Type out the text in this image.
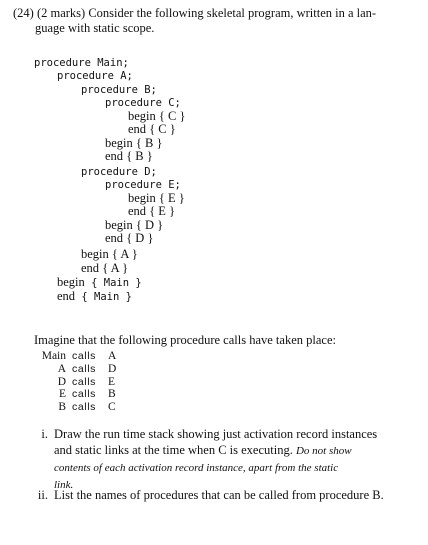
(24) (2 marks) Consider the following skeletal program, written in a lan-
guage with static scope.
procedure Main;
procedure A;
procedure B;
procedure C;
begin { C }
end { C }
begin { B }
end { B }
procedure D;
procedure E;
begin { E }
end { E }
begin { D }
end { D }
begin { A }
end { A }
begin { Main }
end { Main }
Imagine that the following procedure calls have taken place:
Main calls A
A calls D
D calls E
E calls B
B calls C
i. Draw the run time stack showing just activation record instances
and static links at the time when C is executing. Do not show
contents of each activation record instance, apart from the static
link.
ii. List the names of procedures that can be called from procedure B.
